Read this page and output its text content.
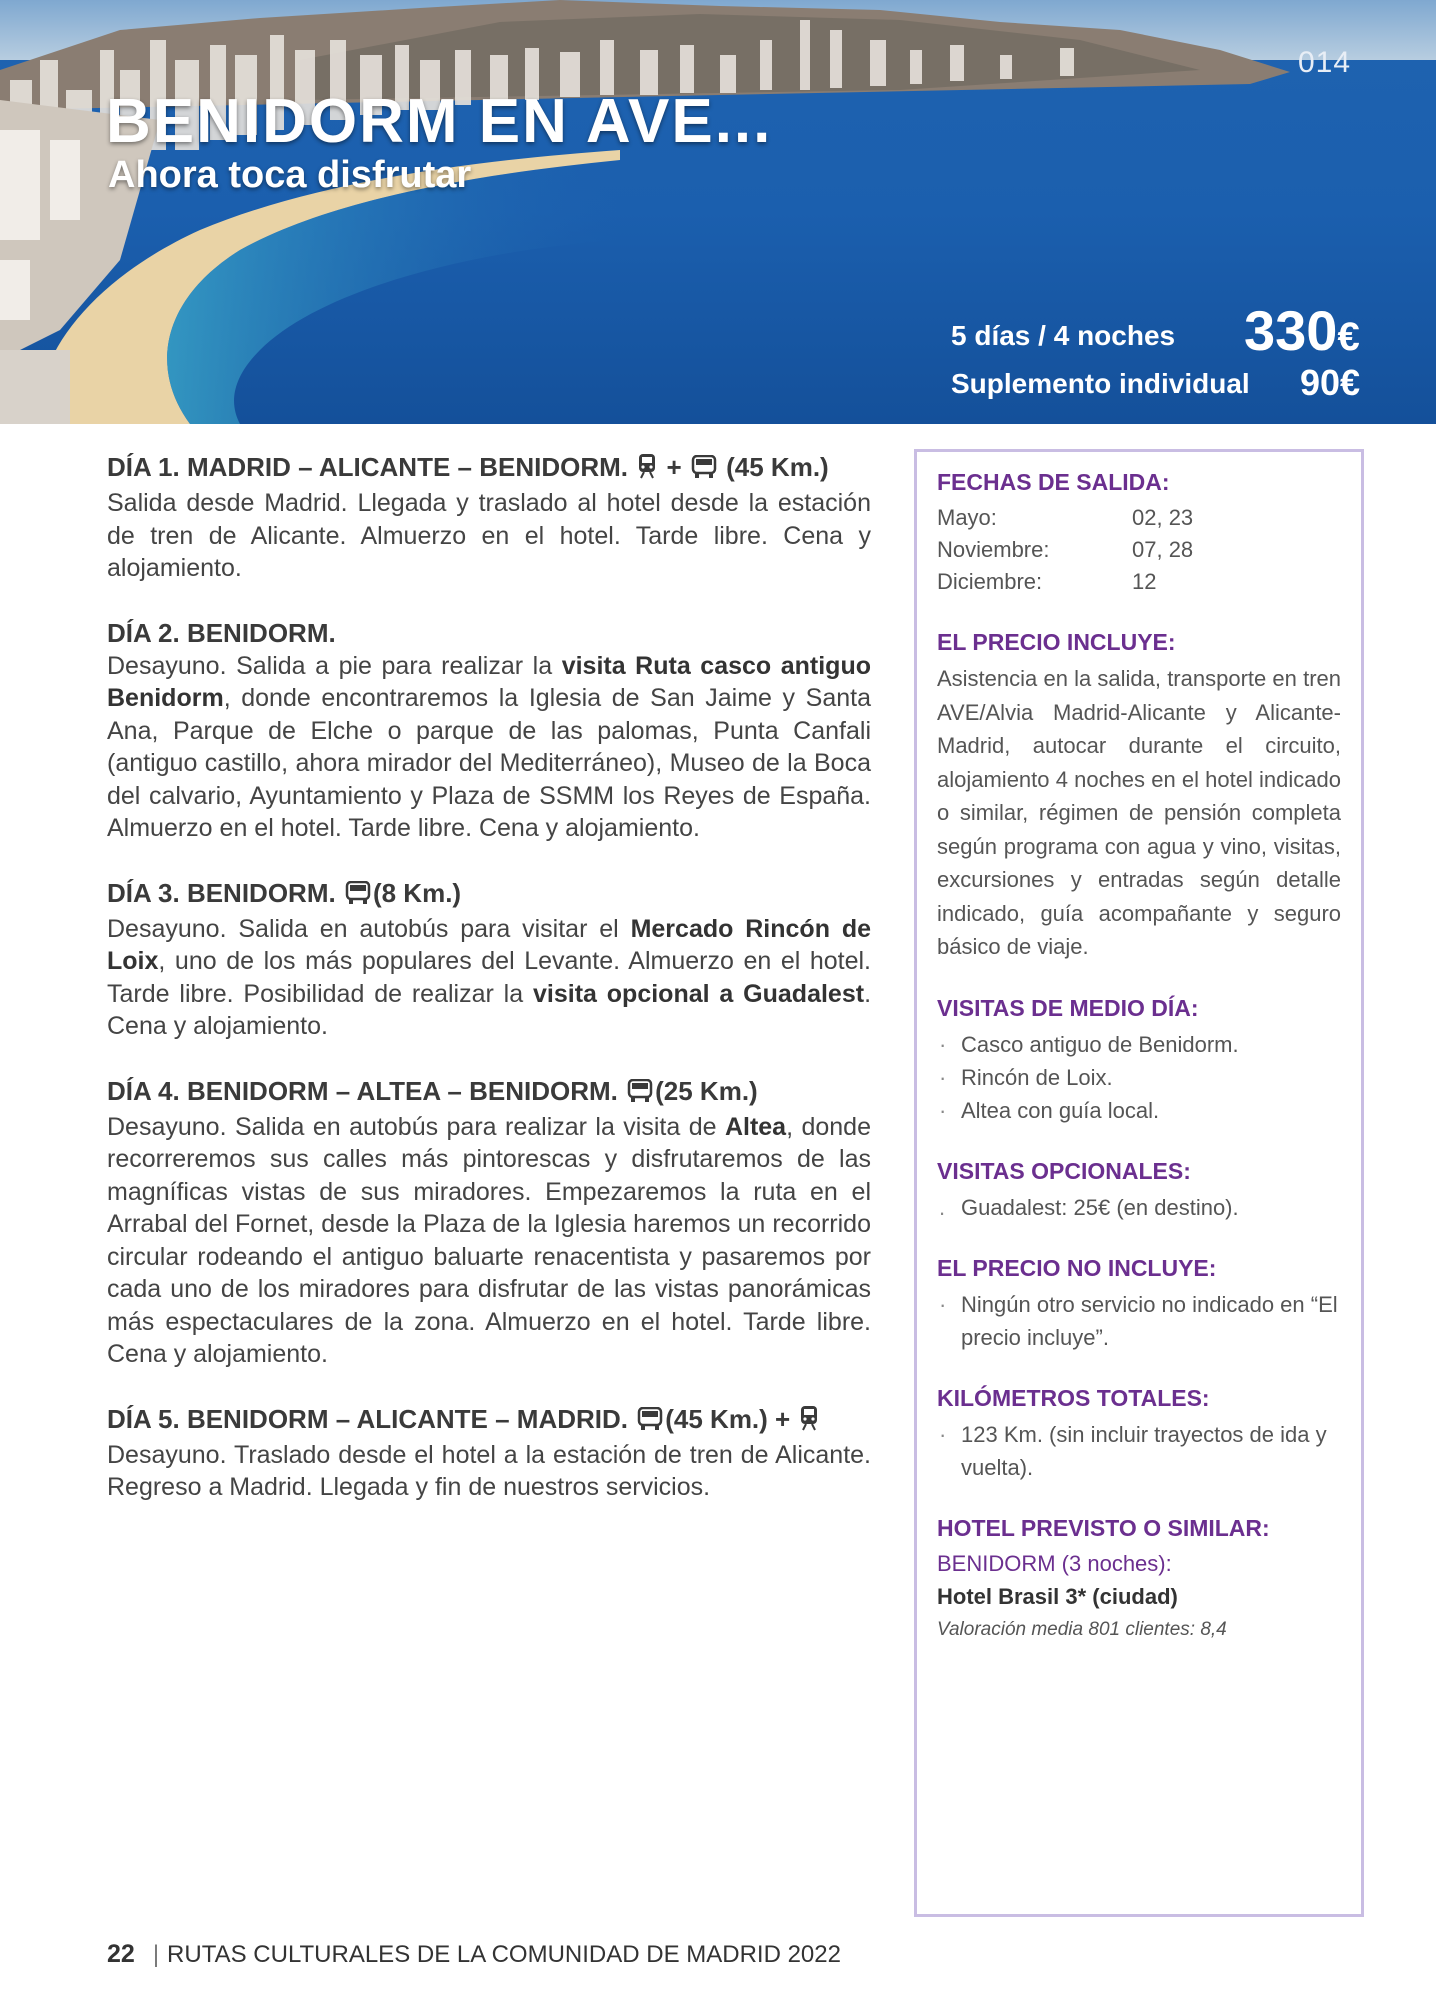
014
BENIDORM EN AVE...
Ahora toca disfrutar
5 días / 4 noches 330€
Suplemento individual 90€

DÍA 1. MADRID – ALICANTE – BENIDORM. + (45 Km.)

Salida desde Madrid. Llegada y traslado al hotel desde la estación de tren de Alicante. Almuerzo en el hotel. Tarde libre. Cena y alojamiento.

DÍA 2. BENIDORM.

Desayuno. Salida a pie para realizar la visita Ruta casco antiguo Benidorm, donde encontraremos la Iglesia de San Jaime y Santa Ana, Parque de Elche o parque de las palomas, Punta Canfali (antiguo castillo, ahora mirador del Mediterráneo), Museo de la Boca del calvario, Ayuntamiento y Plaza de SSMM los Reyes de España. Almuerzo en el hotel. Tarde libre. Cena y alojamiento.

DÍA 3. BENIDORM. (8 Km.)

Desayuno. Salida en autobús para visitar el Mercado Rincón de Loix, uno de los más populares del Levante. Almuerzo en el hotel. Tarde libre. Posibilidad de realizar la visita opcional a Guadalest. Cena y alojamiento.

DÍA 4. BENIDORM – ALTEA – BENIDORM. (25 Km.)

Desayuno. Salida en autobús para realizar la visita de Altea, donde recorreremos sus calles más pintorescas y disfrutaremos de las magníficas vistas de sus miradores. Empezaremos la ruta en el Arrabal del Fornet, desde la Plaza de la Iglesia haremos un recorrido circular rodeando el antiguo baluarte renacentista y pasaremos por cada uno de los miradores para disfrutar de las vistas panorámicas más espectaculares de la zona. Almuerzo en el hotel. Tarde libre. Cena y alojamiento.

DÍA 5. BENIDORM – ALICANTE – MADRID. (45 Km.) +

Desayuno. Traslado desde el hotel a la estación de tren de Alicante. Regreso a Madrid. Llegada y fin de nuestros servicios.

FECHAS DE SALIDA:

Mayo:	02, 23
Noviembre:	07, 28
Diciembre:	12

EL PRECIO INCLUYE:

Asistencia en la salida, transporte en tren AVE/Alvia Madrid-Alicante y Alicante-Madrid, autocar durante el circuito, alojamiento 4 noches en el hotel indicado o similar, régimen de pensión completa según programa con agua y vino, visitas, excursiones y entradas según detalle indicado, guía acompañante y seguro básico de viaje.

VISITAS DE MEDIO DÍA:

· Casco antiguo de Benidorm.
· Rincón de Loix.
· Altea con guía local.

VISITAS OPCIONALES:

. Guadalest: 25€ (en destino).

EL PRECIO NO INCLUYE:

· Ningún otro servicio no indicado en “El precio incluye”.

KILÓMETROS TOTALES:

· 123 Km. (sin incluir trayectos de ida y vuelta).

HOTEL PREVISTO O SIMILAR:

BENIDORM (3 noches):

Hotel Brasil 3* (ciudad)

Valoración media 801 clientes: 8,4

22 | RUTAS CULTURALES DE LA COMUNIDAD DE MADRID 2022
